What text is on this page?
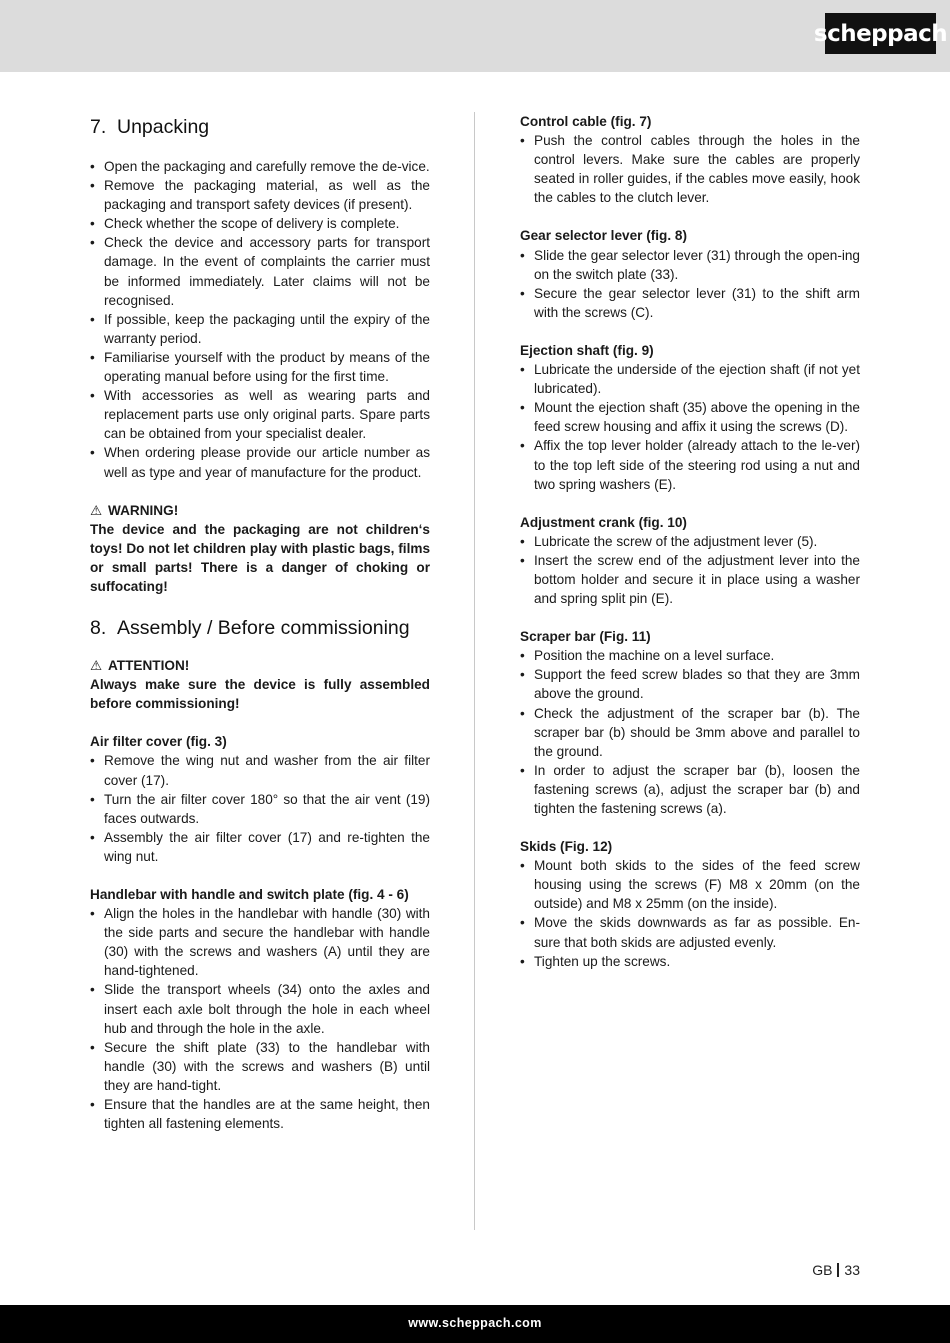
scheppach
7. Unpacking
• Open the packaging and carefully remove the de-vice.
• Remove the packaging material, as well as the packaging and transport safety devices (if present).
• Check whether the scope of delivery is complete.
• Check the device and accessory parts for transport damage. In the event of complaints the carrier must be informed immediately. Later claims will not be recognised.
• If possible, keep the packaging until the expiry of the warranty period.
• Familiarise yourself with the product by means of the operating manual before using for the first time.
• With accessories as well as wearing parts and replacement parts use only original parts. Spare parts can be obtained from your specialist dealer.
• When ordering please provide our article number as well as type and year of manufacture for the product.

⚠ WARNING!

The device and the packaging are not children‘s toys! Do not let children play with plastic bags, films or small parts! There is a danger of choking or suffocating!

8. Assembly / Before commissioning

⚠ ATTENTION!

Always make sure the device is fully assembled before commissioning!

Air filter cover (fig. 3)

• Remove the wing nut and washer from the air filter cover (17).
• Turn the air filter cover 180° so that the air vent (19) faces outwards.
• Assembly the air filter cover (17) and re-tighten the wing nut.

Handlebar with handle and switch plate (fig. 4 - 6)

• Align the holes in the handlebar with handle (30) with the side parts and secure the handlebar with handle (30) with the screws and washers (A) until they are hand-tightened.
• Slide the transport wheels (34) onto the axles and insert each axle bolt through the hole in each wheel hub and through the hole in the axle.
• Secure the shift plate (33) to the handlebar with handle (30) with the screws and washers (B) until they are hand-tight.
• Ensure that the handles are at the same height, then tighten all fastening elements.

Control cable (fig. 7)

• Push the control cables through the holes in the control levers. Make sure the cables are properly seated in roller guides, if the cables move easily, hook the cables to the clutch lever.

Gear selector lever (fig. 8)

• Slide the gear selector lever (31) through the open-ing on the switch plate (33).
• Secure the gear selector lever (31) to the shift arm with the screws (C).

Ejection shaft (fig. 9)

• Lubricate the underside of the ejection shaft (if not yet lubricated).
• Mount the ejection shaft (35) above the opening in the feed screw housing and affix it using the screws (D).
• Affix the top lever holder (already attach to the le-ver) to the top left side of the steering rod using a nut and two spring washers (E).

Adjustment crank (fig. 10)

• Lubricate the screw of the adjustment lever (5).
• Insert the screw end of the adjustment lever into the bottom holder and secure it in place using a washer and spring split pin (E).

Scraper bar (Fig. 11)

• Position the machine on a level surface.
• Support the feed screw blades so that they are 3mm above the ground.
• Check the adjustment of the scraper bar (b). The scraper bar (b) should be 3mm above and parallel to the ground.
• In order to adjust the scraper bar (b), loosen the fastening screws (a), adjust the scraper bar (b) and tighten the fastening screws (a).

Skids (Fig. 12)

• Mount both skids to the sides of the feed screw housing using the screws (F) M8 x 20mm (on the outside) and M8 x 25mm (on the inside).
• Move the skids downwards as far as possible. En-sure that both skids are adjusted evenly.
• Tighten up the screws.
GB 33
www.scheppach.com
